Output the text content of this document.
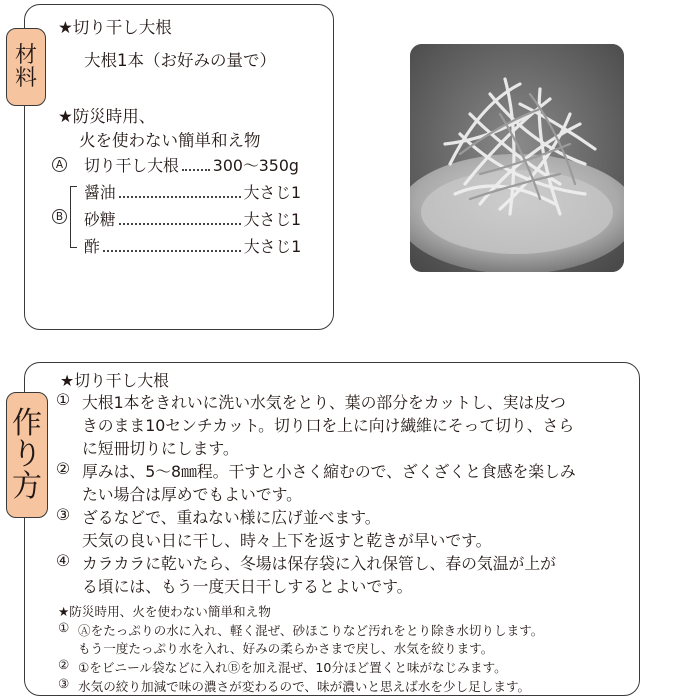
材
料
★切り干し大根
大根1本（お好みの量で）
★防災時用、
火を使わない簡単和え物
A 切り干し大根 300～350g
B
醤油	大さじ1
砂糖	大さじ1
酢	大さじ1
作
り
方
★切り干し大根
① 大根1本をきれいに洗い水気をとり、葉の部分をカットし、実は皮つ
きのまま10センチカット。切り口を上に向け繊維にそって切り、さら
に短冊切りにします。
② 厚みは、5～8㎜程。干すと小さく縮むので、ざくざくと食感を楽しみ
たい場合は厚めでもよいです。
③ ざるなどで、重ねない様に広げ並べます。
天気の良い日に干し、時々上下を返すと乾きが早いです。
④ カラカラに乾いたら、冬場は保存袋に入れ保管し、春の気温が上が
る頃には、もう一度天日干しするとよいです。
★防災時用、火を使わない簡単和え物
① Ⓐをたっぷりの水に入れ、軽く混ぜ、砂ほこりなど汚れをとり除き水切りします。
もう一度たっぷり水を入れ、好みの柔らかさまで戻し、水気を絞ります。
② ①をビニール袋などに入れⒷを加え混ぜ、10分ほど置くと味がなじみます。
③ 水気の絞り加減で味の濃さが変わるので、味が濃いと思えば水を少し足します。
